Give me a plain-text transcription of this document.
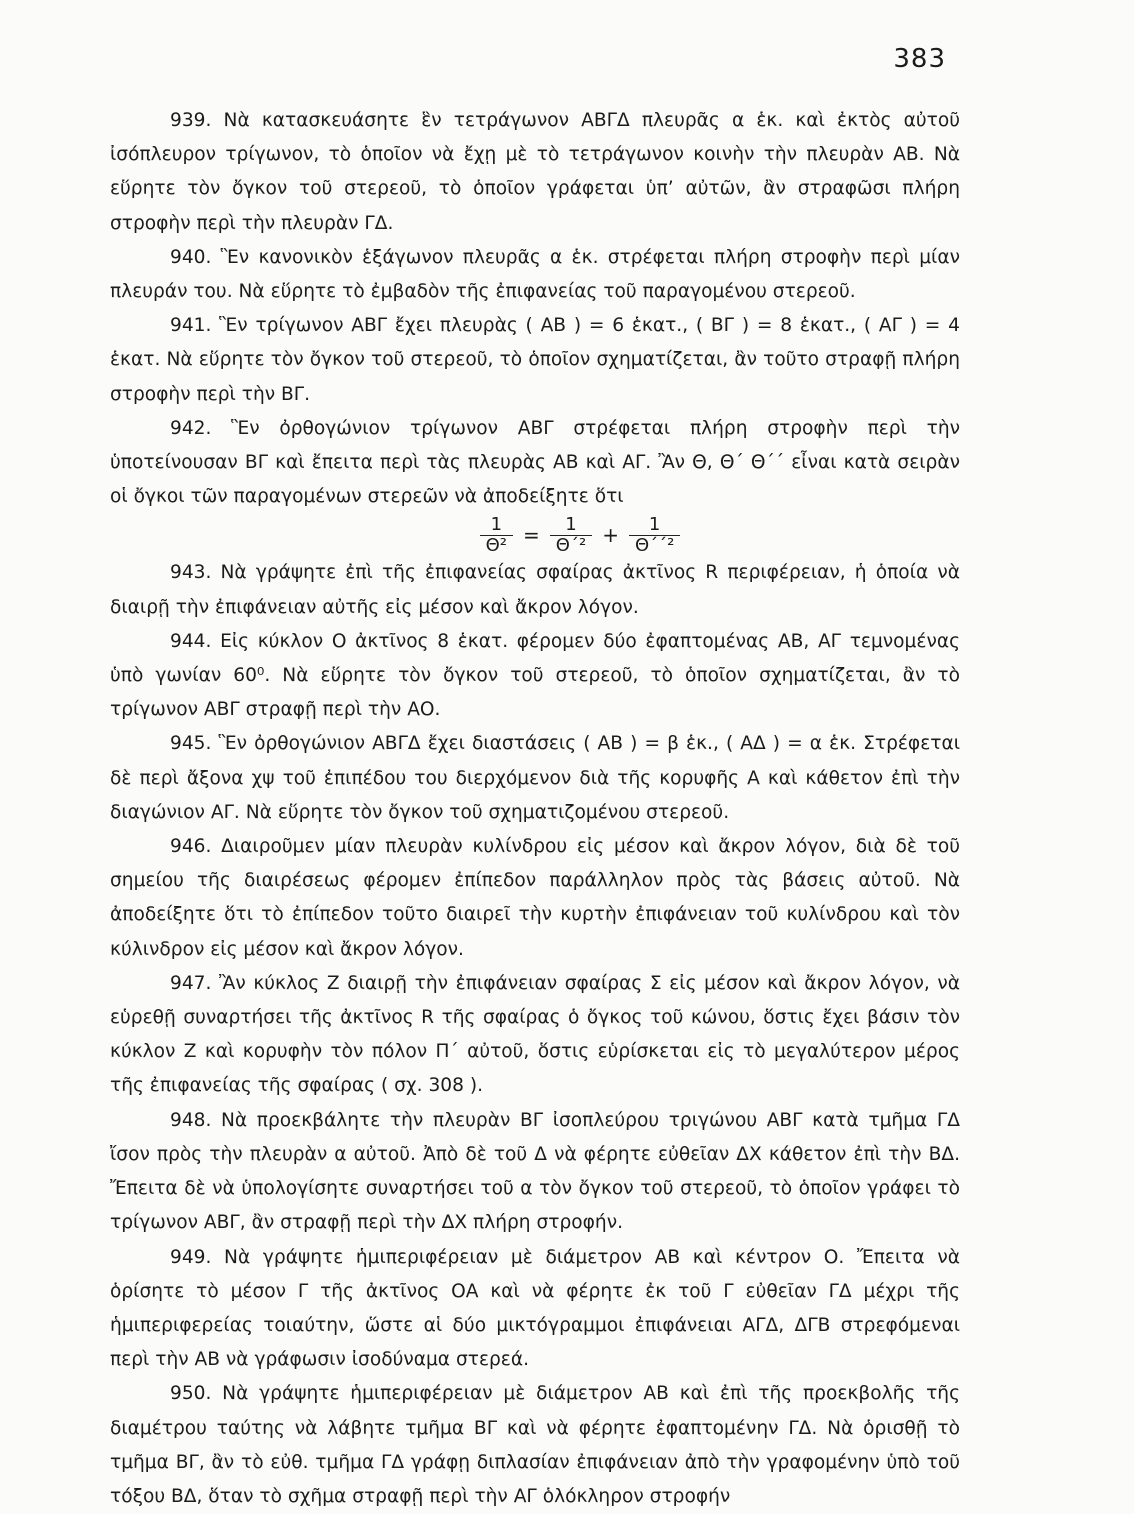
383

939. Νὰ κατασκευάσητε ἓν τετράγωνον ΑΒΓΔ πλευρᾶς α ἑκ. καὶ ἐκτὸς αὐτοῦ ἰσόπλευρον τρίγωνον, τὸ ὁποῖον νὰ ἔχῃ μὲ τὸ τετράγωνον κοινὴν τὴν πλευρὰν ΑΒ. Νὰ εὕρητε τὸν ὄγκον τοῦ στερεοῦ, τὸ ὁποῖον γράφεται ὑπ’ αὐτῶν, ἂν στραφῶσι πλήρη στροφὴν περὶ τὴν πλευρὰν ΓΔ.

940. Ἓν κανονικὸν ἑξάγωνον πλευρᾶς α ἑκ. στρέφεται πλήρη στροφὴν περὶ μίαν πλευράν του. Νὰ εὕρητε τὸ ἐμβαδὸν τῆς ἐπιφανείας τοῦ παραγομένου στερεοῦ.

941. Ἓν τρίγωνον ΑΒΓ ἔχει πλευρὰς ( ΑΒ ) = 6 ἑκατ., ( ΒΓ ) = 8 ἑκατ., ( ΑΓ ) = 4 ἑκατ. Νὰ εὕρητε τὸν ὄγκον τοῦ στερεοῦ, τὸ ὁποῖον σχηματίζεται, ἂν τοῦτο στραφῇ πλήρη στροφὴν περὶ τὴν ΒΓ.

942. Ἓν ὀρθογώνιον τρίγωνον ΑΒΓ στρέφεται πλήρη στροφὴν περὶ τὴν ὑποτείνουσαν ΒΓ καὶ ἔπειτα περὶ τὰς πλευρὰς ΑΒ καὶ ΑΓ. Ἂν Θ, Θ΄ Θ΄΄ εἶναι κατὰ σειρὰν οἱ ὄγκοι τῶν παραγομένων στερεῶν νὰ ἀποδείξητε ὅτι

$\frac{1}{\text{Θ²}} = \frac{1}{\text{Θ΄²}} + \frac{1}{\text{Θ΄΄²}}$

943. Νὰ γράψητε ἐπὶ τῆς ἐπιφανείας σφαίρας ἀκτῖνος R περιφέρειαν, ἡ ὁποία νὰ διαιρῇ τὴν ἐπιφάνειαν αὐτῆς εἰς μέσον καὶ ἄκρον λόγον.

944. Εἰς κύκλον Ο ἀκτῖνος 8 ἑκατ. φέρομεν δύο ἐφαπτομένας ΑΒ, ΑΓ τεμνομένας ὑπὸ γωνίαν 60⁰. Νὰ εὕρητε τὸν ὄγκον τοῦ στερεοῦ, τὸ ὁποῖον σχηματίζεται, ἂν τὸ τρίγωνον ΑΒΓ στραφῇ περὶ τὴν ΑΟ.

945. Ἓν ὀρθογώνιον ΑΒΓΔ ἔχει διαστάσεις ( ΑΒ ) = β ἑκ., ( ΑΔ ) = α ἑκ. Στρέφεται δὲ περὶ ἄξονα χψ τοῦ ἐπιπέδου του διερχόμενον διὰ τῆς κορυφῆς Α καὶ κάθετον ἐπὶ τὴν διαγώνιον ΑΓ. Νὰ εὕρητε τὸν ὄγκον τοῦ σχηματιζομένου στερεοῦ.

946. Διαιροῦμεν μίαν πλευρὰν κυλίνδρου εἰς μέσον καὶ ἄκρον λόγον, διὰ δὲ τοῦ σημείου τῆς διαιρέσεως φέρομεν ἐπίπεδον παράλληλον πρὸς τὰς βάσεις αὐτοῦ. Νὰ ἀποδείξητε ὅτι τὸ ἐπίπεδον τοῦτο διαιρεῖ τὴν κυρτὴν ἐπιφάνειαν τοῦ κυλίνδρου καὶ τὸν κύλινδρον εἰς μέσον καὶ ἄκρον λόγον.

947. Ἂν κύκλος Ζ διαιρῇ τὴν ἐπιφάνειαν σφαίρας Σ εἰς μέσον καὶ ἄκρον λόγον, νὰ εὑρεθῇ συναρτήσει τῆς ἀκτῖνος R τῆς σφαίρας ὁ ὄγκος τοῦ κώνου, ὅστις ἔχει βάσιν τὸν κύκλον Ζ καὶ κορυφὴν τὸν πόλον Π΄ αὐτοῦ, ὅστις εὑρίσκεται εἰς τὸ μεγαλύτερον μέρος τῆς ἐπιφανείας τῆς σφαίρας ( σχ. 308 ).

948. Νὰ προεκβάλητε τὴν πλευρὰν ΒΓ ἰσοπλεύρου τριγώνου ΑΒΓ κατὰ τμῆμα ΓΔ ἴσον πρὸς τὴν πλευρὰν α αὐτοῦ. Ἀπὸ δὲ τοῦ Δ νὰ φέρητε εὐθεῖαν ΔΧ κάθετον ἐπὶ τὴν ΒΔ. Ἔπειτα δὲ νὰ ὑπολογίσητε συναρτήσει τοῦ α τὸν ὄγκον τοῦ στερεοῦ, τὸ ὁποῖον γράφει τὸ τρίγωνον ΑΒΓ, ἂν στραφῇ περὶ τὴν ΔΧ πλήρη στροφήν.

949. Νὰ γράψητε ἡμιπεριφέρειαν μὲ διάμετρον ΑΒ καὶ κέντρον Ο. Ἔπειτα νὰ ὁρίσητε τὸ μέσον Γ τῆς ἀκτῖνος ΟΑ καὶ νὰ φέρητε ἐκ τοῦ Γ εὐθεῖαν ΓΔ μέχρι τῆς ἡμιπεριφερείας τοιαύτην, ὥστε αἱ δύο μικτόγραμμοι ἐπιφάνειαι ΑΓΔ, ΔΓΒ στρεφόμεναι περὶ τὴν ΑΒ νὰ γράφωσιν ἰσοδύναμα στερεά.

950. Νὰ γράψητε ἡμιπεριφέρειαν μὲ διάμετρον ΑΒ καὶ ἐπὶ τῆς προεκβολῆς τῆς διαμέτρου ταύτης νὰ λάβητε τμῆμα ΒΓ καὶ νὰ φέρητε ἐφαπτομένην ΓΔ. Νὰ ὁρισθῇ τὸ τμῆμα ΒΓ, ἂν τὸ εὐθ. τμῆμα ΓΔ γράφῃ διπλασίαν ἐπιφάνειαν ἀπὸ τὴν γραφομένην ὑπὸ τοῦ τόξου ΒΔ, ὅταν τὸ σχῆμα στραφῇ περὶ τὴν ΑΓ ὁλόκληρον στροφήν
